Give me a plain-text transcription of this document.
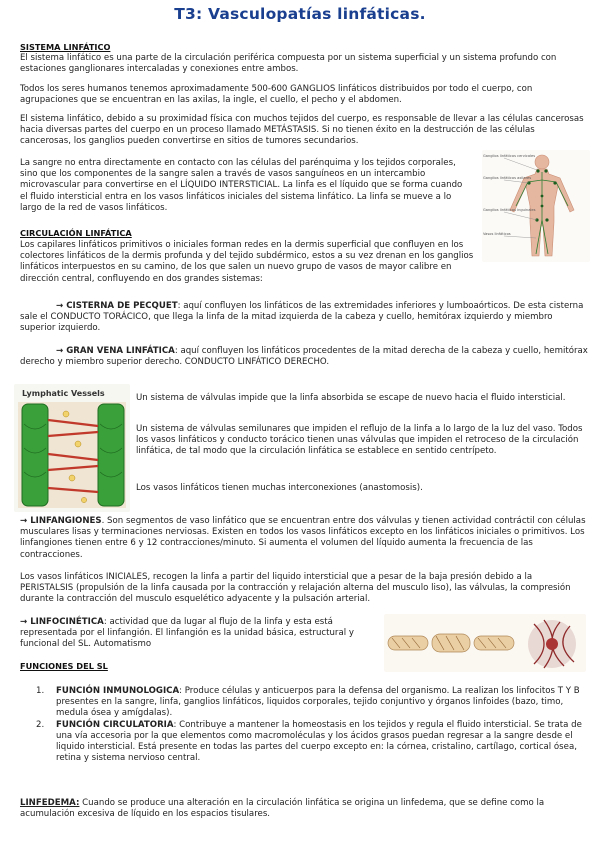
T3: Vasculopatías linfáticas.
SISTEMA LINFÁTICO

El sistema linfático es una parte de la circulación periférica compuesta por un sistema superficial y un sistema profundo con estaciones ganglionares intercaladas y conexiones entre ambos.

Todos los seres humanos tenemos aproximadamente 500-600 GANGLIOS linfáticos distribuidos por todo el cuerpo, con agrupaciones que se encuentran en las axilas, la ingle, el cuello, el pecho y el abdomen.

El sistema linfático, debido a su proximidad física con muchos tejidos del cuerpo, es responsable de llevar a las células cancerosas hacia diversas partes del cuerpo en un proceso llamado METÁSTASIS. Si no tienen éxito en la destrucción de las células cancerosas, los ganglios pueden convertirse en sitios de tumores secundarios.

La sangre no entra directamente en contacto con las células del parénquima y los tejidos corporales, sino que los componentes de la sangre salen a través de vasos sanguíneos en un intercambio microvascular para convertirse en el LÍQUIDO INTERSTICIAL. La linfa es el líquido que se forma cuando el fluido intersticial entra en los vasos linfáticos iniciales del sistema linfático. La linfa se mueve a lo largo de la red de vasos linfáticos.

Ganglios linfáticos cervicales
Ganglios linfáticos axilares
Ganglios linfáticos inguinales
Vasos linfáticos
CIRCULACIÓN LINFÁTICA

Los capilares linfáticos primitivos o iniciales forman redes en la dermis superficial que confluyen en los colectores linfáticos de la dermis profunda y del tejido subdérmico, estos a su vez drenan en los ganglios linfáticos interpuestos en su camino, de los que salen un nuevo grupo de vasos de mayor calibre en dirección central, confluyendo en dos grandes sistemas:

→ CISTERNA DE PECQUET: aquí confluyen los linfáticos de las extremidades inferiores y lumboaórticos. De esta cisterna sale el CONDUCTO TORÁCICO, que llega la linfa de la mitad izquierda de la cabeza y cuello, hemitórax izquierdo y miembro superior izquierdo.

→ GRAN VENA LINFÁTICA: aquí confluyen los linfáticos procedentes de la mitad derecha de la cabeza y cuello, hemitórax derecho y miembro superior derecho. CONDUCTO LINFÁTICO DERECHO.

Lymphatic Vessels	Un sistema de válvulas impide que la linfa absorbida se escape de nuevo hacia el fluido intersticial.

Un sistema de válvulas semilunares que impiden el reflujo de la linfa a lo largo de la luz del vaso. Todos los vasos linfáticos y conducto torácico tienen unas válvulas que impiden el retroceso de la circulación linfática, de tal modo que la circulación linfática se establece en sentido centrípeto.

Los vasos linfáticos tienen muchas interconexiones (anastomosis).

→ LINFANGIONES. Son segmentos de vaso linfático que se encuentran entre dos válvulas y tienen actividad contráctil con células musculares lisas y terminaciones nerviosas. Existen en todos los vasos linfáticos excepto en los linfáticos iniciales o primitivos. Los linfangiones tienen entre 6 y 12 contracciones/minuto. Si aumenta el volumen del líquido aumenta la frecuencia de las contracciones.

Los vasos linfáticos INICIALES, recogen la linfa a partir del liquido intersticial que a pesar de la baja presión debido a la PERISTALSIS (propulsión de la linfa causada por la contracción y relajación alterna del musculo liso), las válvulas, la compresión durante la contracción del musculo esquelético adyacente y la pulsación arterial.

→ LINFOCINÉTICA: actividad que da lugar al flujo de la linfa y esta está representada por el linfangión. El linfangión es la unidad básica, estructural y funcional del SL. Automatismo

FUNCIONES DEL SL
1. FUNCIÓN INMUNOLOGICA: Produce células y anticuerpos para la defensa del organismo. La realizan los linfocitos T Y B presentes en la sangre, linfa, ganglios linfáticos, liquidos corporales, tejido conjuntivo y órganos linfoides (bazo, timo, medula ósea y amígdalas).
2. FUNCIÓN CIRCULATORIA: Contribuye a mantener la homeostasis en los tejidos y regula el fluido intersticial. Se trata de una vía accesoria por la que elementos como macromoléculas y los ácidos grasos puedan regresar a la sangre desde el liquido intersticial. Está presente en todas las partes del cuerpo excepto en: la córnea, cristalino, cartílago, cortical ósea, retina y sistema nervioso central.

LINFEDEMA: Cuando se produce una alteración en la circulación linfática se origina un linfedema, que se define como la acumulación excesiva de líquido en los espacios tisulares.
